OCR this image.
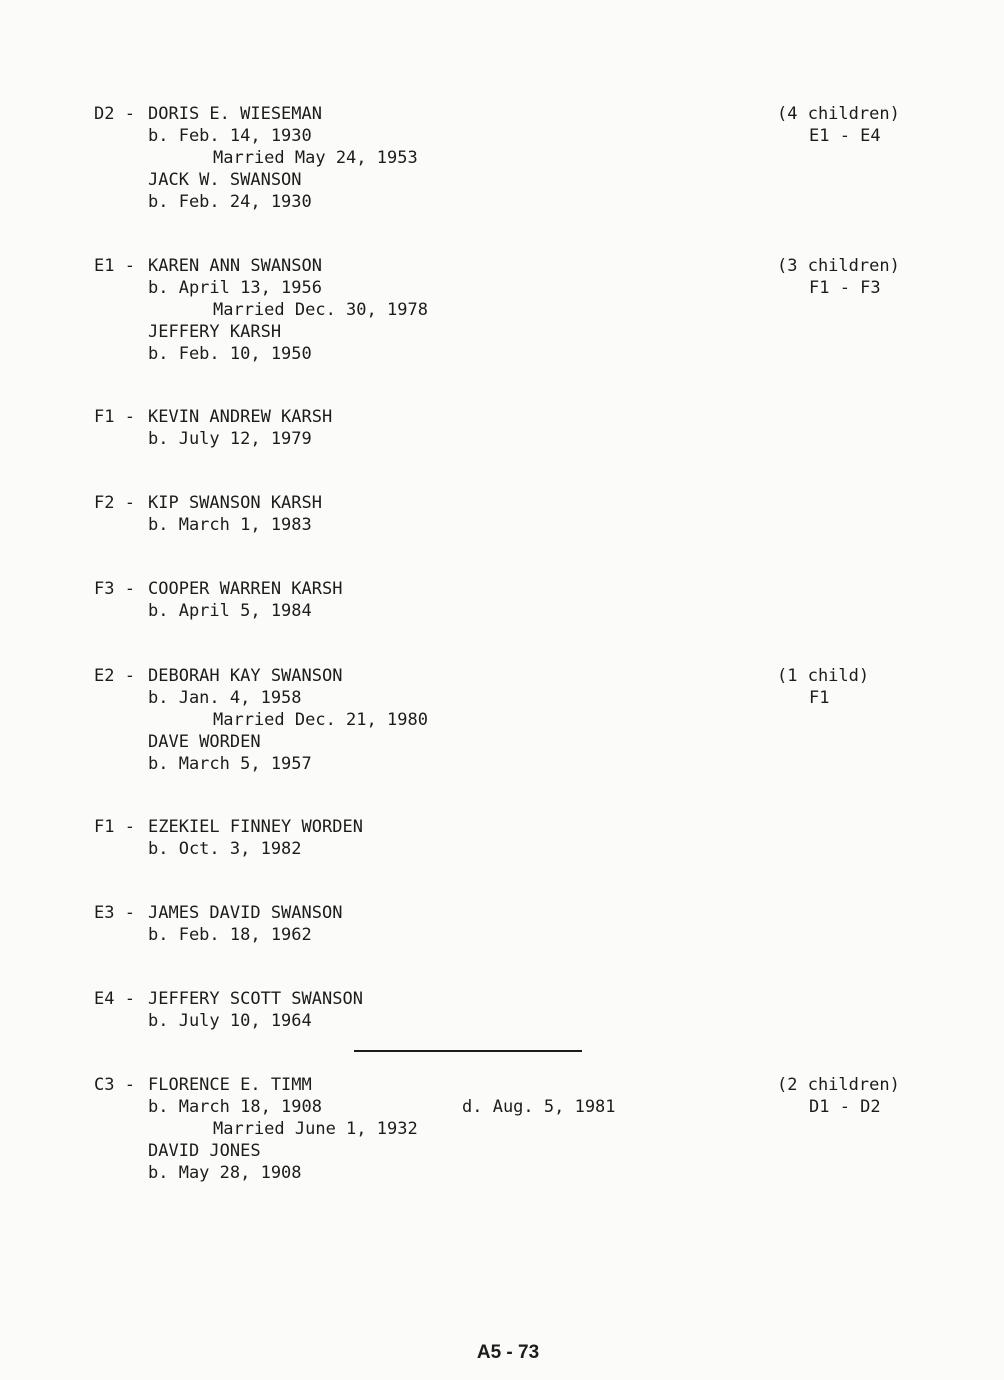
D2 - DORIS E. WIESEMAN
b. Feb. 14, 1930
Married May 24, 1953
JACK W. SWANSON
b. Feb. 24, 1930
(4 children)
E1 - E4
E1 - KAREN ANN SWANSON
b. April 13, 1956
Married Dec. 30, 1978
JEFFERY KARSH
b. Feb. 10, 1950
(3 children)
F1 - F3
F1 - KEVIN ANDREW KARSH
b. July 12, 1979
F2 - KIP SWANSON KARSH
b. March 1, 1983
F3 - COOPER WARREN KARSH
b. April 5, 1984
E2 - DEBORAH KAY SWANSON
b. Jan. 4, 1958
Married Dec. 21, 1980
DAVE WORDEN
b. March 5, 1957
(1 child)
F1
F1 - EZEKIEL FINNEY WORDEN
b. Oct. 3, 1982
E3 - JAMES DAVID SWANSON
b. Feb. 18, 1962
E4 - JEFFERY SCOTT SWANSON
b. July 10, 1964
C3 - FLORENCE E. TIMM
b. March 18, 1908
Married June 1, 1932
DAVID JONES
b. May 28, 1908
d. Aug. 5, 1981
(2 children)
D1 - D2
A5 - 73
